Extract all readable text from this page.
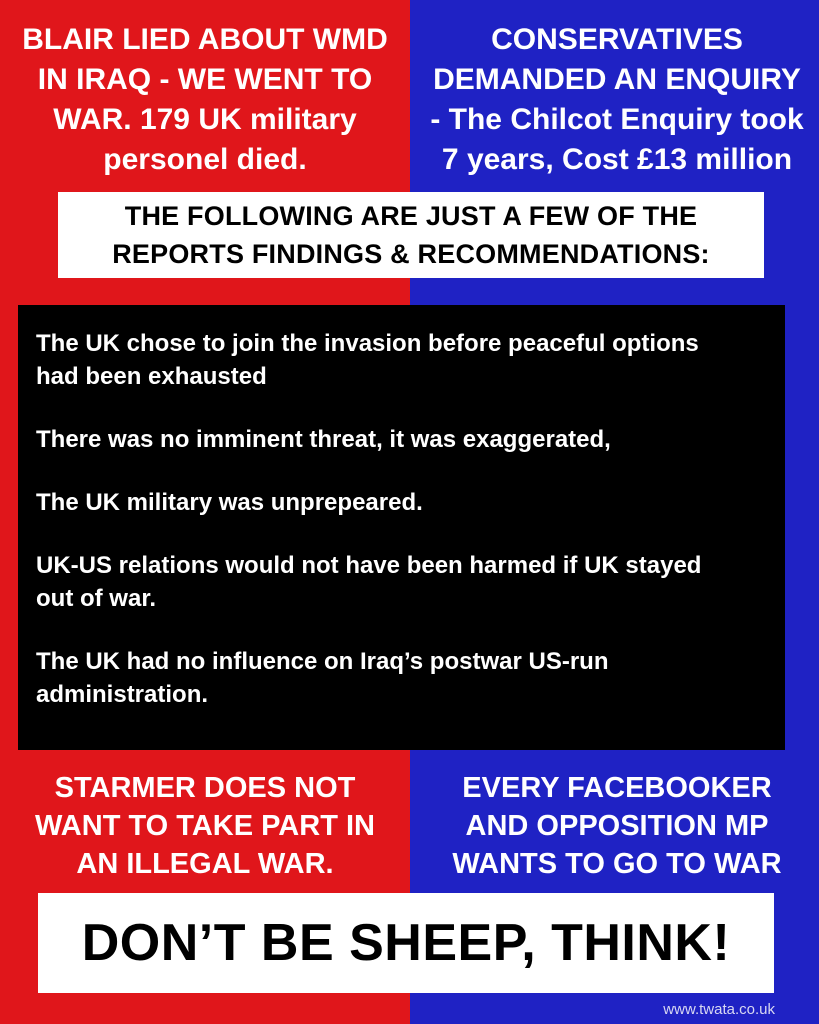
BLAIR LIED ABOUT WMD
IN IRAQ - WE WENT TO
WAR. 179 UK military
personel died.
CONSERVATIVES
DEMANDED AN ENQUIRY
- The Chilcot Enquiry took
7 years, Cost £13 million
THE FOLLOWING ARE JUST A FEW OF THE
REPORTS FINDINGS & RECOMMENDATIONS:
The UK chose to join the invasion before peaceful options had been exhausted
There was no imminent threat, it was exaggerated,
The UK military was unprepeared.
UK-US relations would not have been harmed if UK stayed out of war.
The UK had no influence on Iraq’s postwar US-run administration.
STARMER DOES NOT
WANT TO TAKE PART IN
AN ILLEGAL WAR.
EVERY FACEBOOKER
AND OPPOSITION MP
WANTS TO GO TO WAR
DON’T BE SHEEP, THINK!
www.twata.co.uk
